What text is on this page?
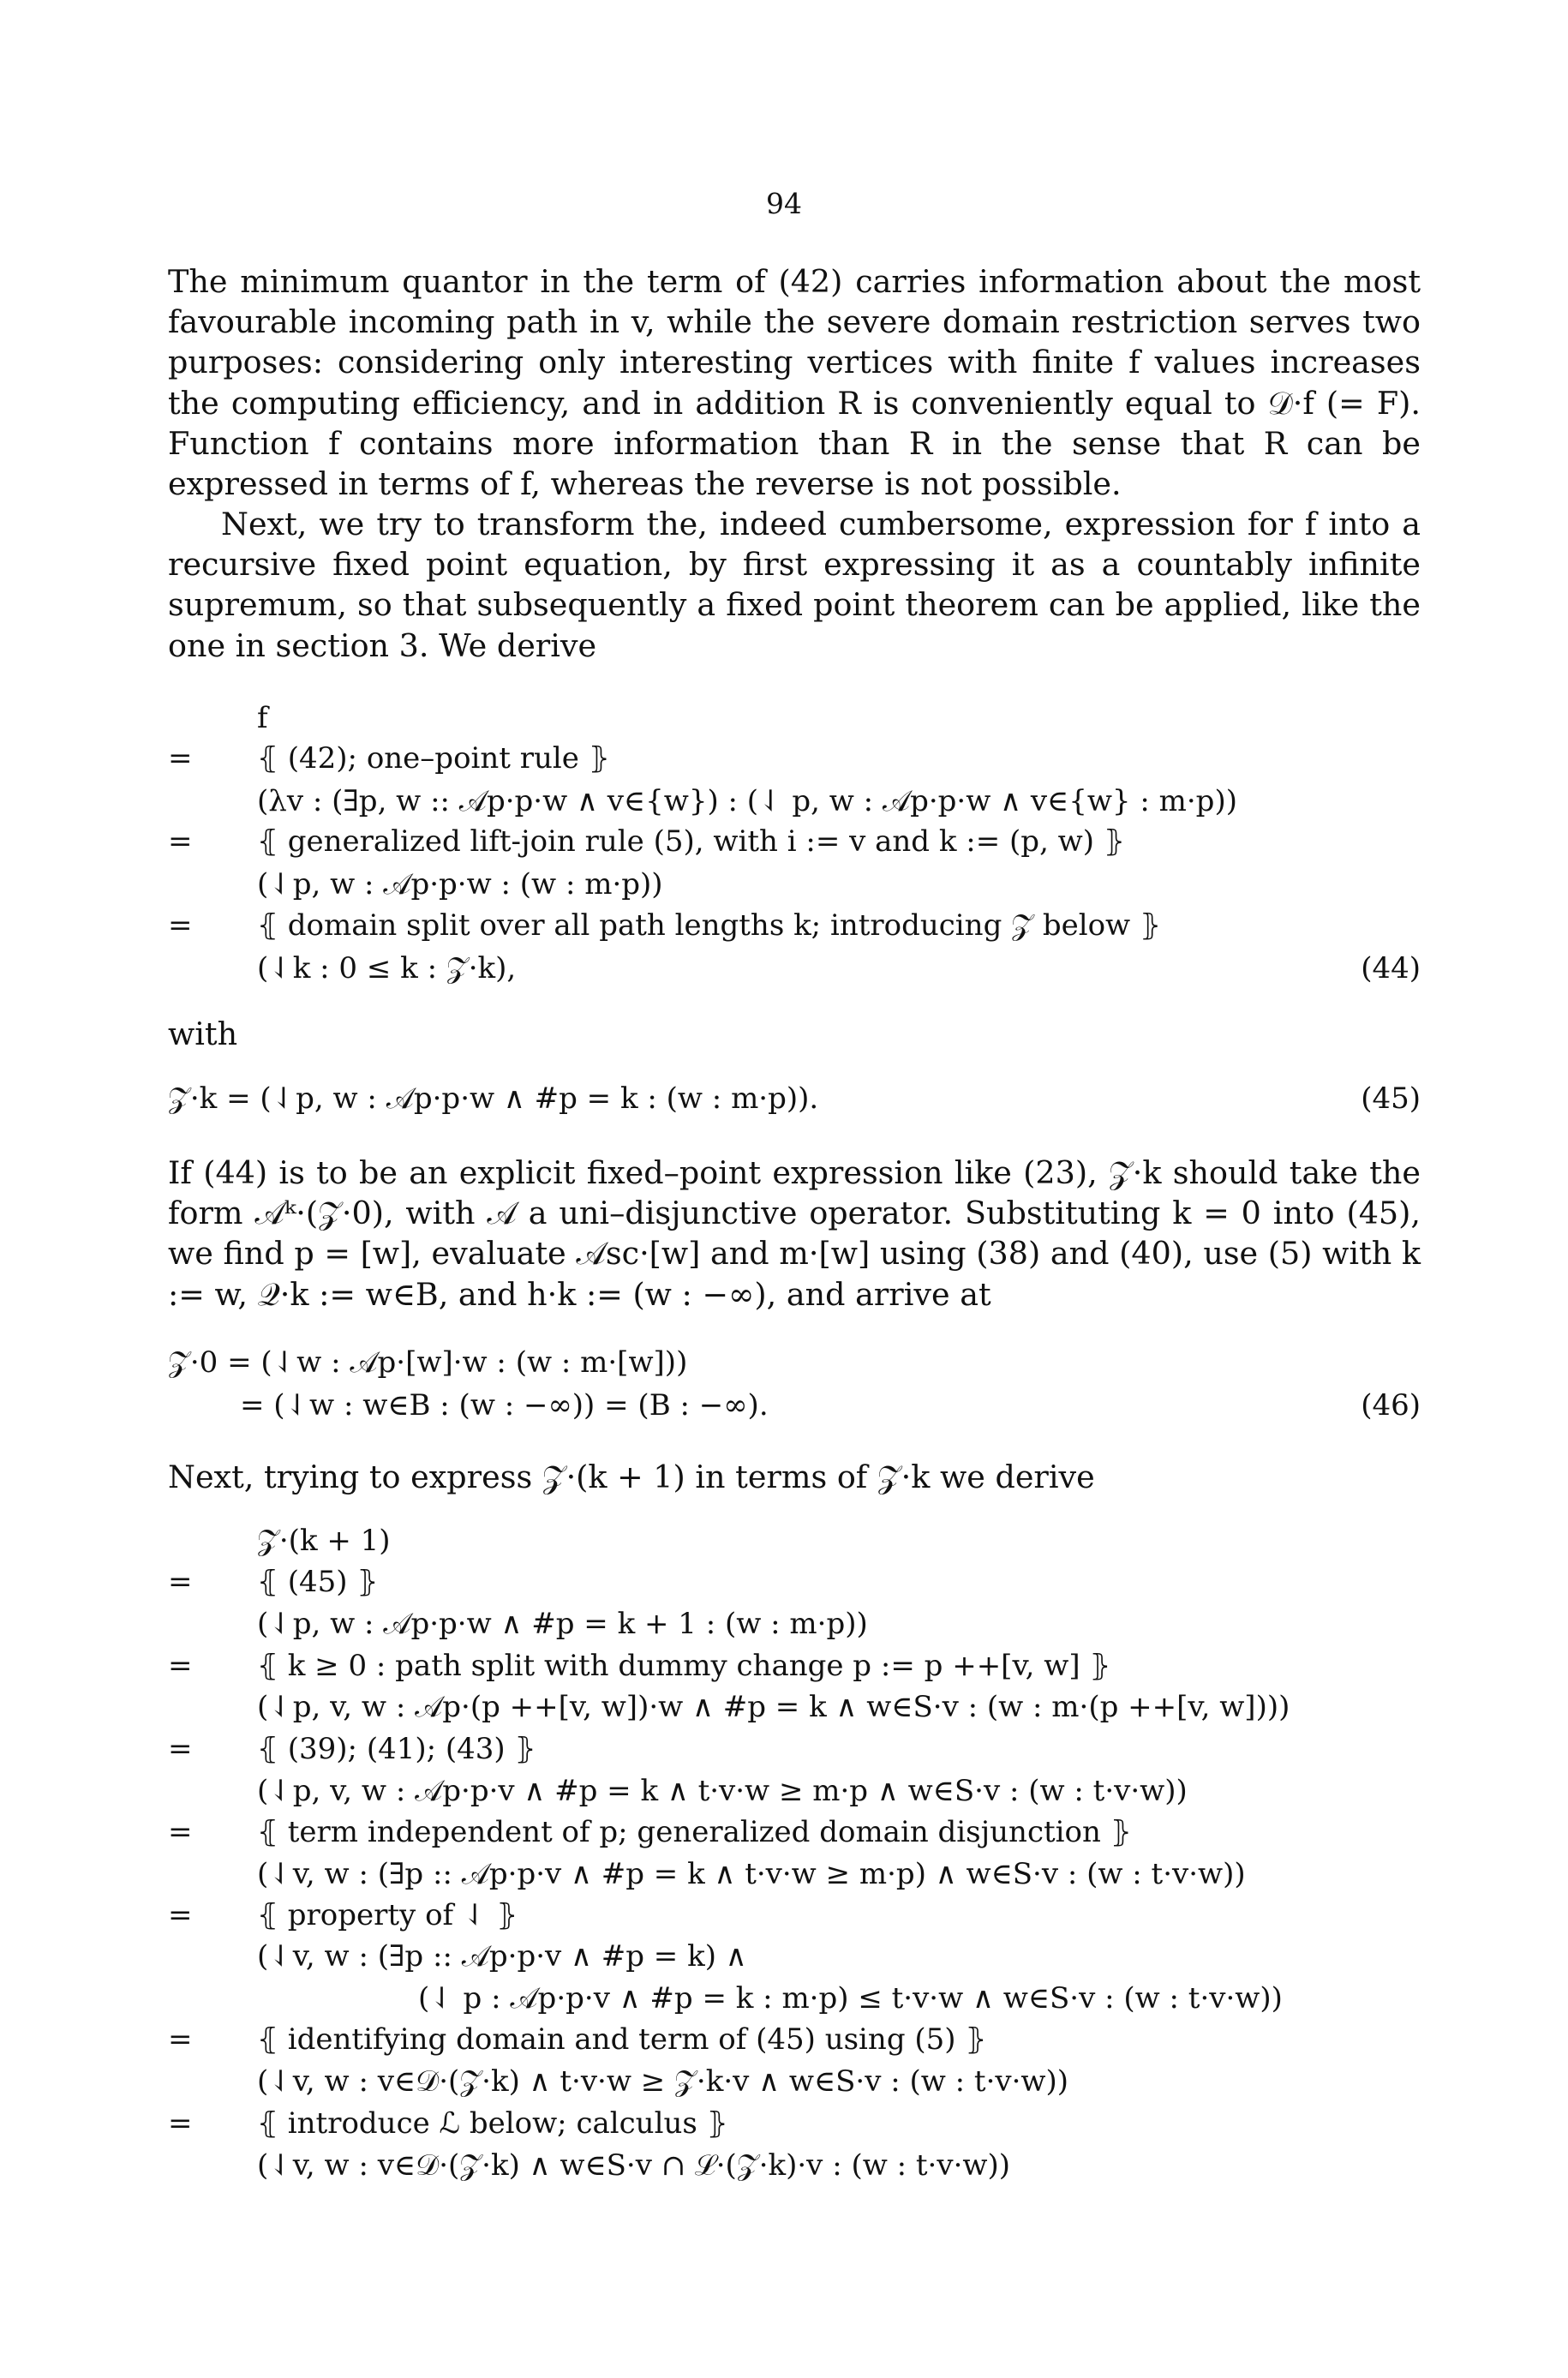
94

The minimum quantor in the term of (42) carries information about the most favourable incoming path in v, while the severe domain restriction serves two purposes: considering only interesting vertices with finite f values increases the computing efficiency, and in addition R is conveniently equal to 𝒟·f (= F). Function f contains more information than R in the sense that R can be expressed in terms of f, whereas the reverse is not possible.

Next, we try to transform the, indeed cumbersome, expression for f into a recursive fixed point equation, by first expressing it as a countably infinite supremum, so that subsequently a fixed point theorem can be applied, like the one in section 3. We derive

f
= ⦃ (42); one–point rule ⦄
(λv : (∃p, w :: 𝒜p·p·w ∧ v∈{w}) : (⇃ p, w : 𝒜p·p·w ∧ v∈{w} : m·p))
= ⦃ generalized lift-join rule (5), with i := v and k := (p, w) ⦄
(⇃p, w : 𝒜p·p·w : (w : m·p))
= ⦃ domain split over all path lengths k; introducing 𝒵 below ⦄
(⇃k : 0 ≤ k : 𝒵·k),	(44)
with
𝒵·k = (⇃p, w : 𝒜p·p·w ∧ #p = k : (w : m·p)).	(45)

If (44) is to be an explicit fixed–point expression like (23), 𝒵·k should take the form 𝒜ᵏ·(𝒵·0), with 𝒜 a uni–disjunctive operator. Substituting k = 0 into (45), we find p = [w], evaluate 𝒜sc·[w] and m·[w] using (38) and (40), use (5) with k := w, 𝒬·k := w∈B, and h·k := (w : −∞), and arrive at

𝒵·0 = (⇃w : 𝒜p·[w]·w : (w : m·[w]))
= (⇃w : w∈B : (w : −∞)) = (B : −∞).	(46)

Next, trying to express 𝒵·(k + 1) in terms of 𝒵·k we derive

𝒵·(k + 1)
= ⦃ (45) ⦄
(⇃p, w : 𝒜p·p·w ∧ #p = k + 1 : (w : m·p))
= ⦃ k ≥ 0 : path split with dummy change p := p ++[v, w] ⦄
(⇃p, v, w : 𝒜p·(p ++[v, w])·w ∧ #p = k ∧ w∈S·v : (w : m·(p ++[v, w])))
= ⦃ (39); (41); (43) ⦄
(⇃p, v, w : 𝒜p·p·v ∧ #p = k ∧ t·v·w ≥ m·p ∧ w∈S·v : (w : t·v·w))
= ⦃ term independent of p; generalized domain disjunction ⦄
(⇃v, w : (∃p :: 𝒜p·p·v ∧ #p = k ∧ t·v·w ≥ m·p) ∧ w∈S·v : (w : t·v·w))
= ⦃ property of ⇃ ⦄
(⇃v, w : (∃p :: 𝒜p·p·v ∧ #p = k) ∧
(⇃ p : 𝒜p·p·v ∧ #p = k : m·p) ≤ t·v·w ∧ w∈S·v : (w : t·v·w))
= ⦃ identifying domain and term of (45) using (5) ⦄
(⇃v, w : v∈𝒟·(𝒵·k) ∧ t·v·w ≥ 𝒵·k·v ∧ w∈S·v : (w : t·v·w))
= ⦃ introduce ℒ below; calculus ⦄
(⇃v, w : v∈𝒟·(𝒵·k) ∧ w∈S·v ∩ ℒ·(𝒵·k)·v : (w : t·v·w))
